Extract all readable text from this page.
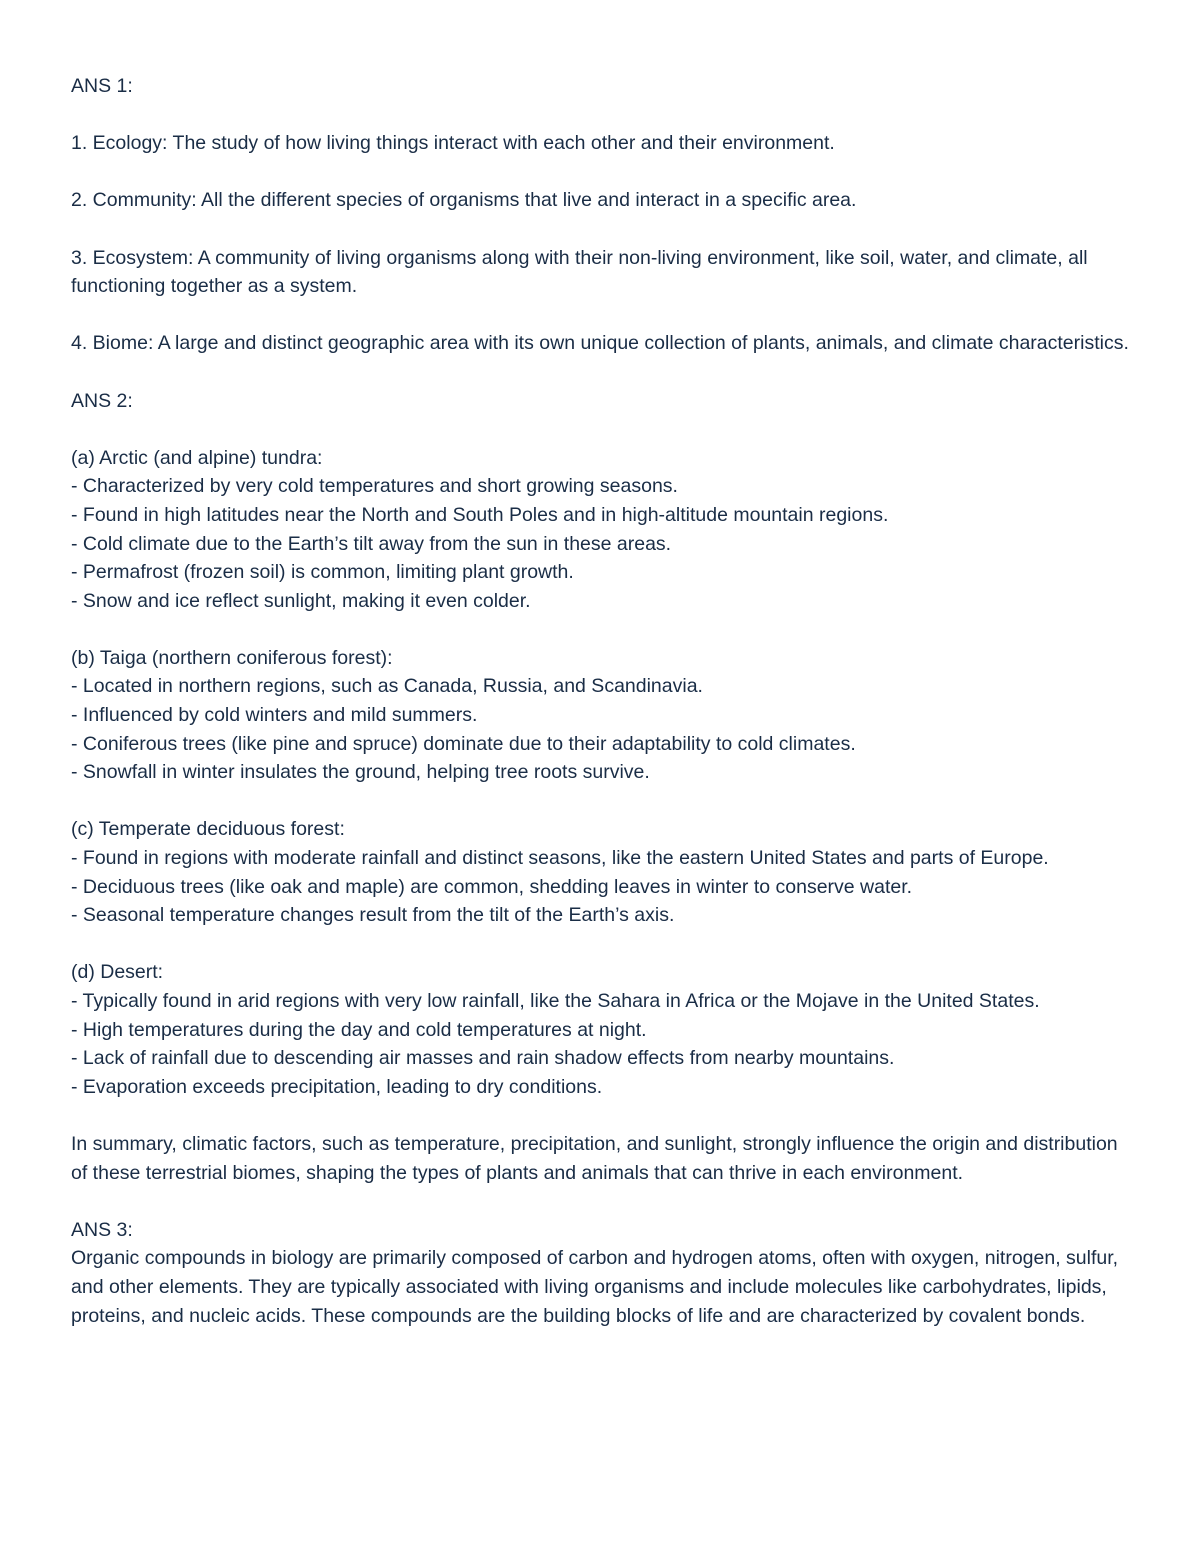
ANS 1:

1. Ecology: The study of how living things interact with each other and their environment.

2. Community: All the different species of organisms that live and interact in a specific area.

3. Ecosystem: A community of living organisms along with their non-living environment, like soil, water, and climate, all functioning together as a system.

4. Biome: A large and distinct geographic area with its own unique collection of plants, animals, and climate characteristics.

ANS 2:

(a) Arctic (and alpine) tundra:

- Characterized by very cold temperatures and short growing seasons.

- Found in high latitudes near the North and South Poles and in high-altitude mountain regions.

- Cold climate due to the Earth’s tilt away from the sun in these areas.

- Permafrost (frozen soil) is common, limiting plant growth.

- Snow and ice reflect sunlight, making it even colder.

(b) Taiga (northern coniferous forest):

- Located in northern regions, such as Canada, Russia, and Scandinavia.

- Influenced by cold winters and mild summers.

- Coniferous trees (like pine and spruce) dominate due to their adaptability to cold climates.

- Snowfall in winter insulates the ground, helping tree roots survive.

(c) Temperate deciduous forest:

- Found in regions with moderate rainfall and distinct seasons, like the eastern United States and parts of Europe.

- Deciduous trees (like oak and maple) are common, shedding leaves in winter to conserve water.

- Seasonal temperature changes result from the tilt of the Earth’s axis.

(d) Desert:

- Typically found in arid regions with very low rainfall, like the Sahara in Africa or the Mojave in the United States.

- High temperatures during the day and cold temperatures at night.

- Lack of rainfall due to descending air masses and rain shadow effects from nearby mountains.

- Evaporation exceeds precipitation, leading to dry conditions.

In summary, climatic factors, such as temperature, precipitation, and sunlight, strongly influence the origin and distribution of these terrestrial biomes, shaping the types of plants and animals that can thrive in each environment.

ANS 3:

Organic compounds in biology are primarily composed of carbon and hydrogen atoms, often with oxygen, nitrogen, sulfur, and other elements. They are typically associated with living organisms and include molecules like carbohydrates, lipids, proteins, and nucleic acids. These compounds are the building blocks of life and are characterized by covalent bonds.
